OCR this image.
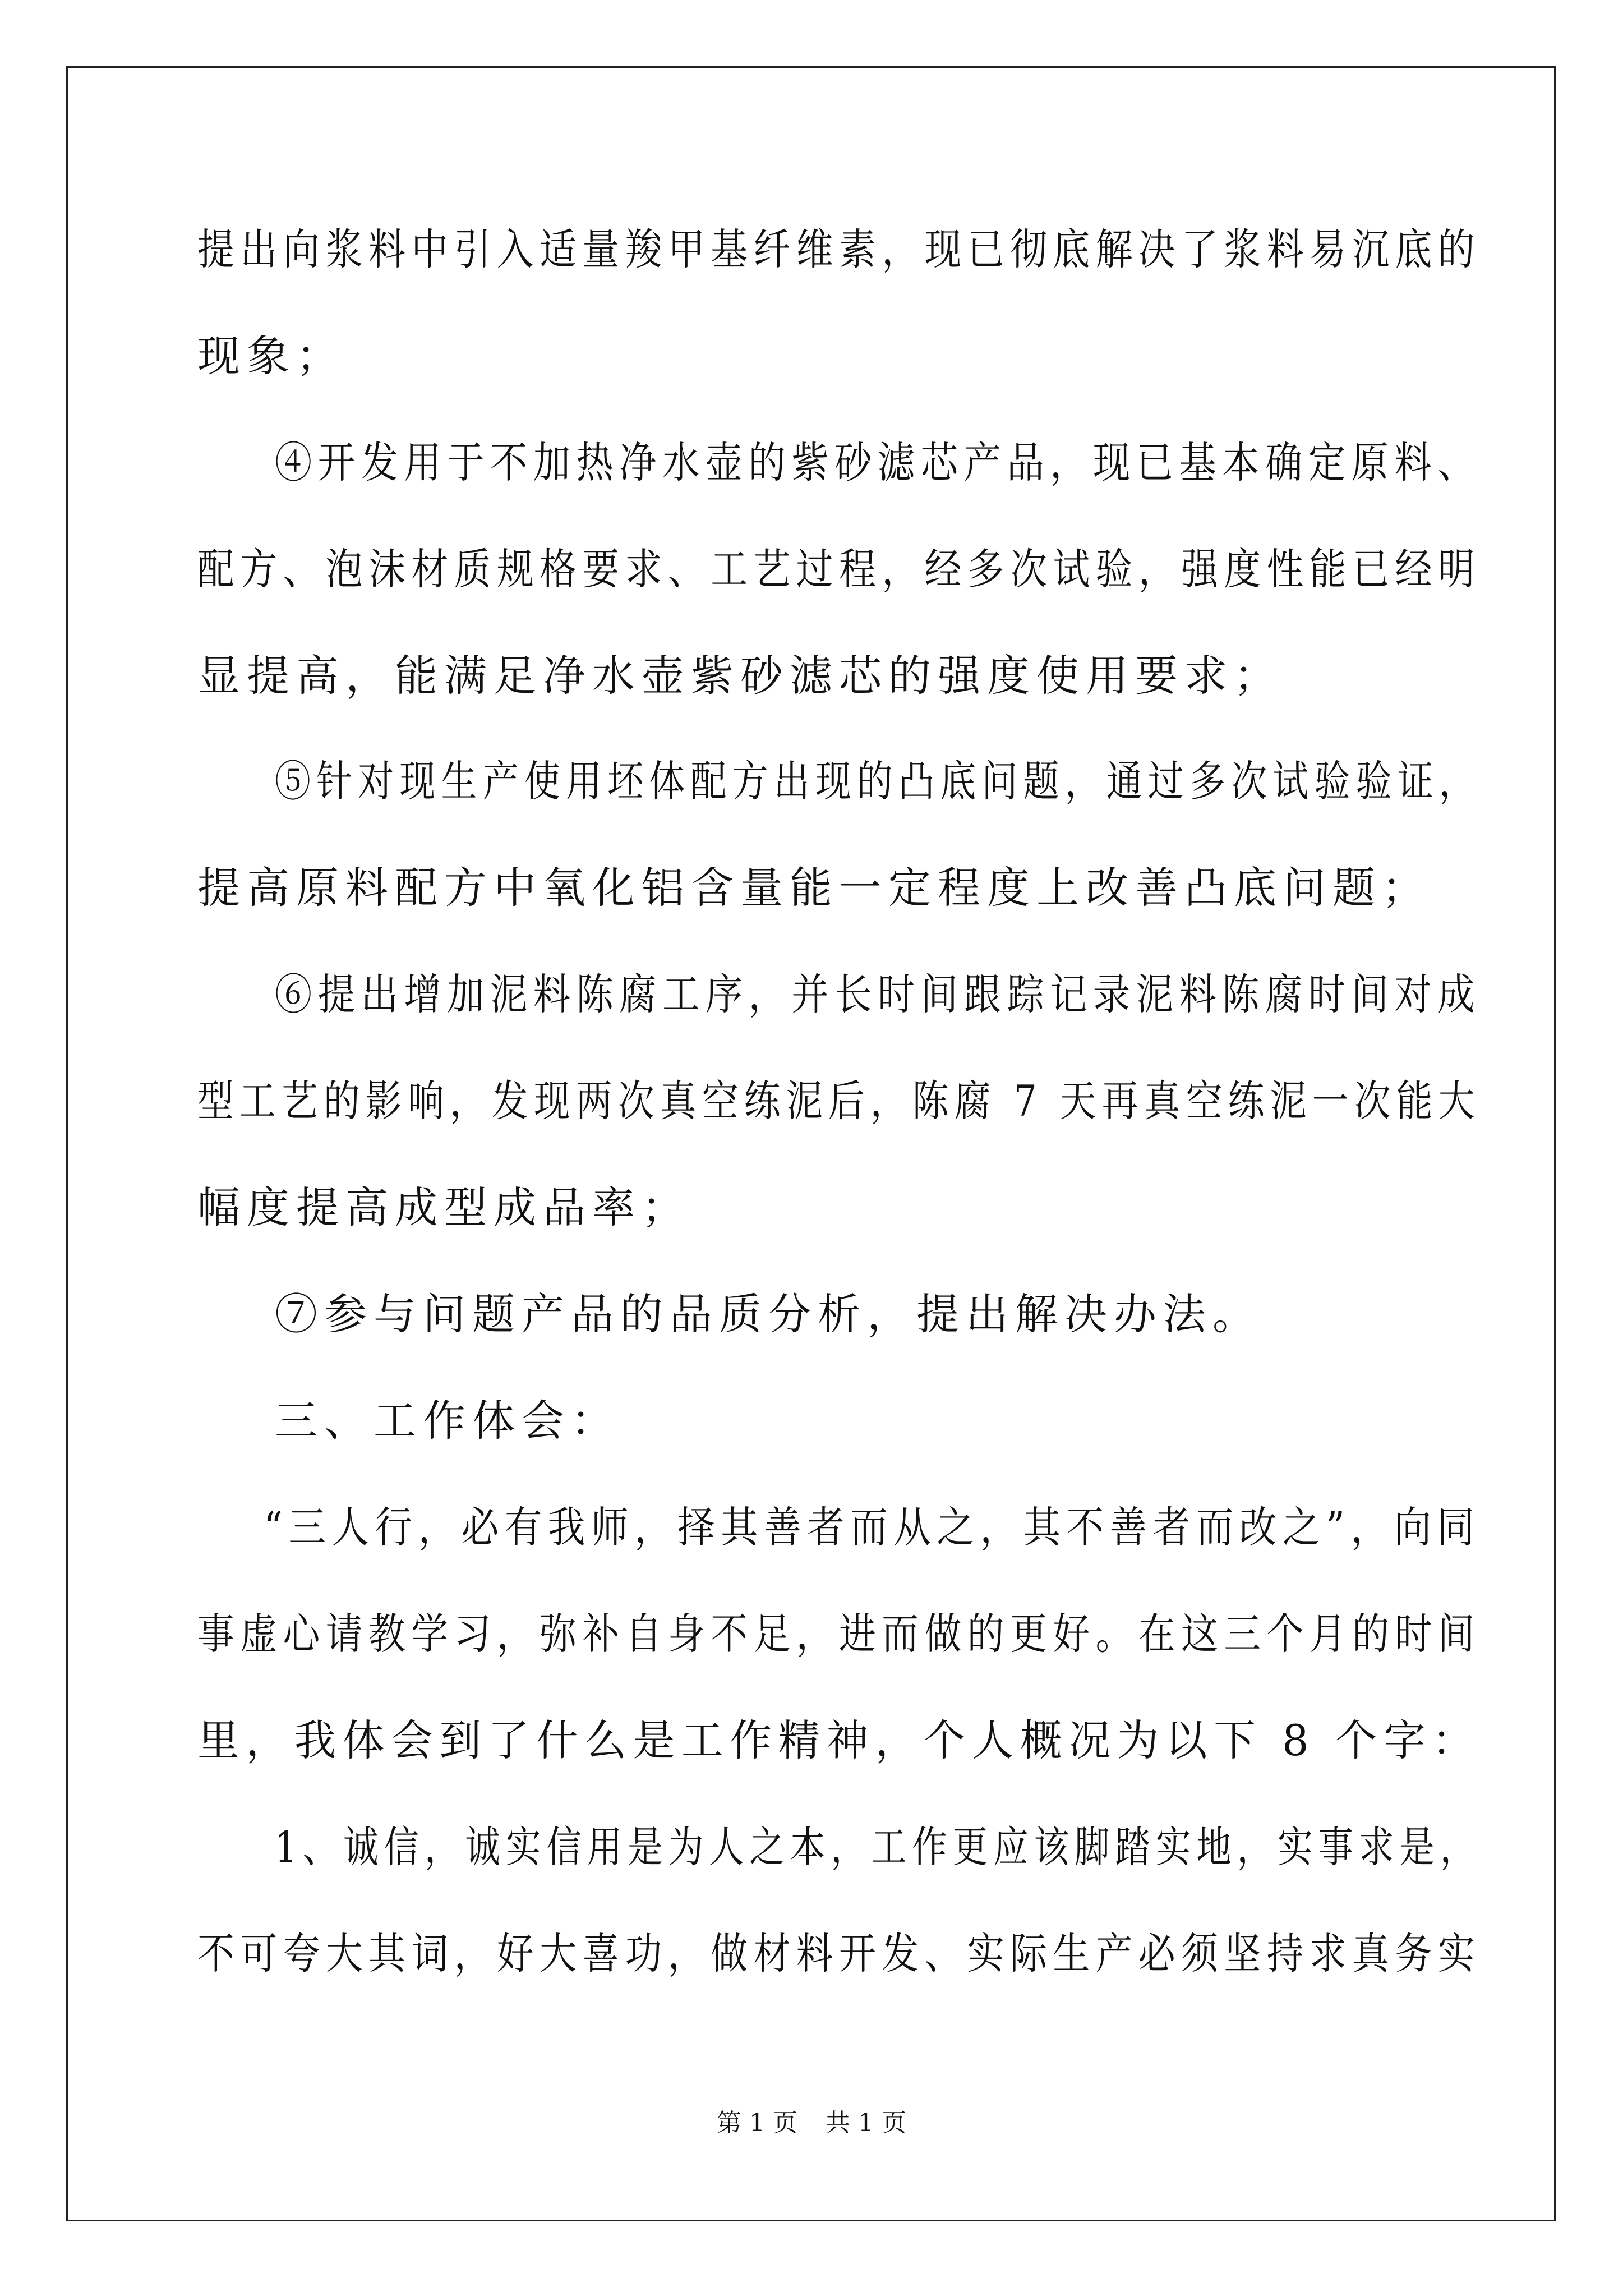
提出向浆料中引入适量羧甲基纤维素，现已彻底解决了浆料易沉底的
现象；
④开发用于不加热净水壶的紫砂滤芯产品，现已基本确定原料、
配方、泡沫材质规格要求、工艺过程，经多次试验，强度性能已经明
显提高，能满足净水壶紫砂滤芯的强度使用要求；
⑤针对现生产使用坯体配方出现的凸底问题，通过多次试验验证，
提高原料配方中氧化铝含量能一定程度上改善凸底问题；
⑥提出增加泥料陈腐工序，并长时间跟踪记录泥料陈腐时间对成
型工艺的影响，发现两次真空练泥后，陈腐 7 天再真空练泥一次能大
幅度提高成型成品率；
⑦参与问题产品的品质分析，提出解决办法。
三、工作体会：
“三人行，必有我师，择其善者而从之，其不善者而改之”，向同
事虚心请教学习，弥补自身不足，进而做的更好。在这三个月的时间
里，我体会到了什么是工作精神，个人概况为以下 8 个字：
1、诚信，诚实信用是为人之本，工作更应该脚踏实地，实事求是，
不可夸大其词，好大喜功，做材料开发、实际生产必须坚持求真务实
第 1 页 共 1 页
